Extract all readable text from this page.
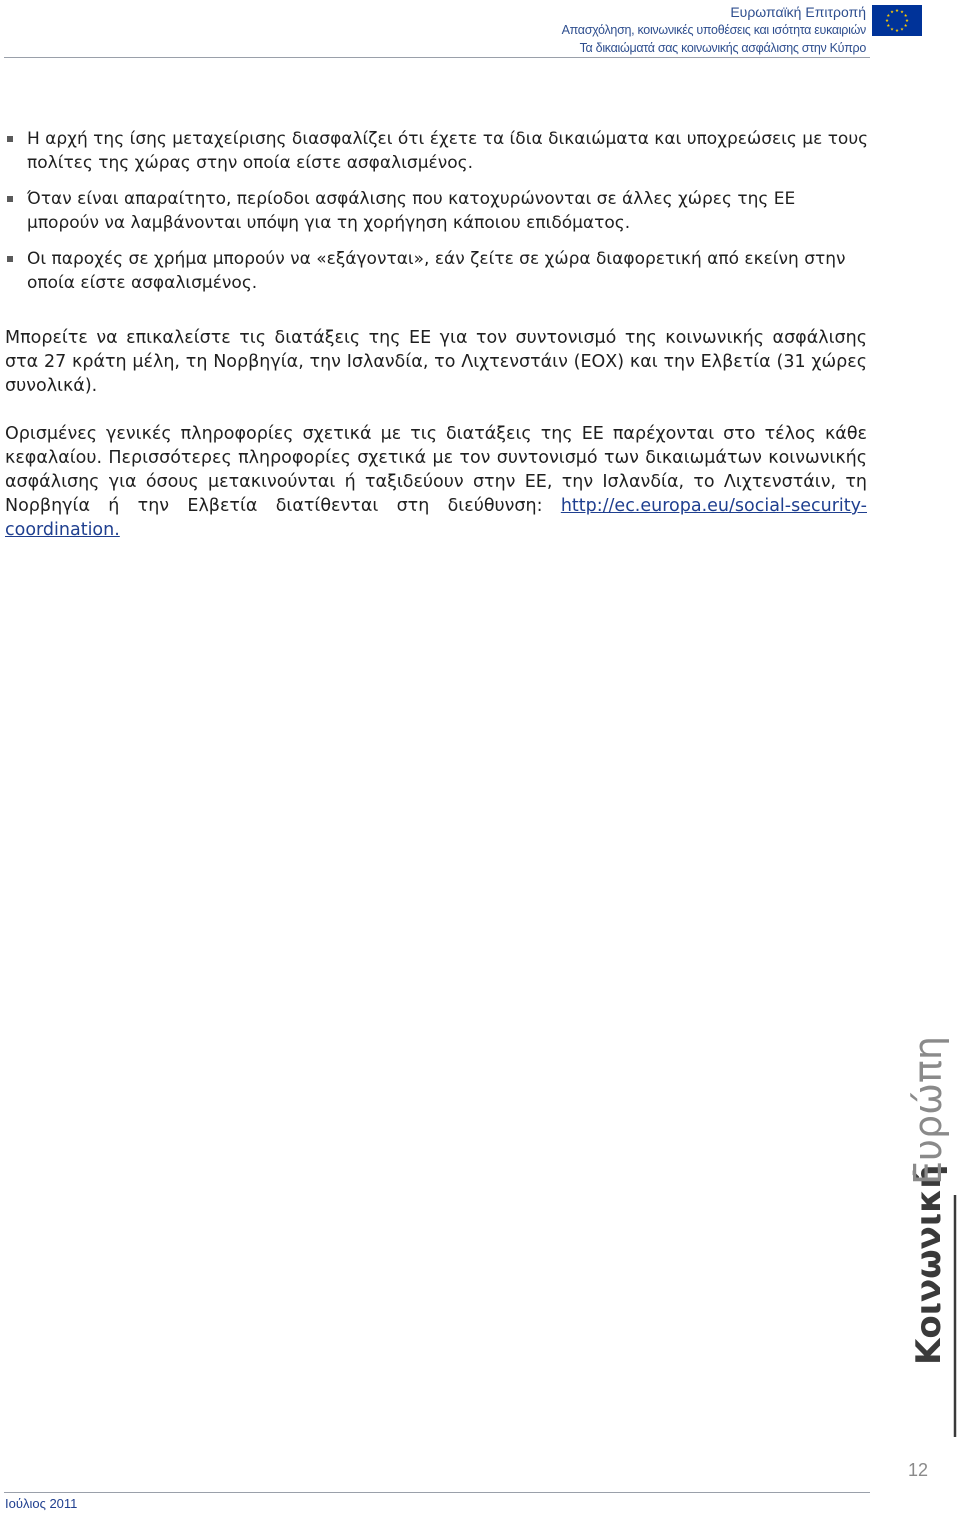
Ευρωπαϊκή Επιτροπή
Απασχόληση, κοινωνικές υποθέσεις και ισότητα ευκαιριών
Τα δικαιώματά σας κοινωνικής ασφάλισης στην Κύπρο
Η αρχή της ίσης μεταχείρισης διασφαλίζει ότι έχετε τα ίδια δικαιώματα και υποχρεώσεις με τους πολίτες της χώρας στην οποία είστε ασφαλισμένος.
Όταν είναι απαραίτητο, περίοδοι ασφάλισης που κατοχυρώνονται σε άλλες χώρες της ΕΕ μπορούν να λαμβάνονται υπόψη για τη χορήγηση κάποιου επιδόματος.
Οι παροχές σε χρήμα μπορούν να «εξάγονται», εάν ζείτε σε χώρα διαφορετική από εκείνη στην οποία είστε ασφαλισμένος.

Μπορείτε να επικαλείστε τις διατάξεις της ΕΕ για τον συντονισμό της κοινωνικής ασφάλισης στα 27 κράτη μέλη, τη Νορβηγία, την Ισλανδία, το Λιχτενστάιν (ΕΟΧ) και την Ελβετία (31 χώρες συνολικά).

Ορισμένες γενικές πληροφορίες σχετικά με τις διατάξεις της ΕΕ παρέχονται στο τέλος κάθε κεφαλαίου. Περισσότερες πληροφορίες σχετικά με τον συντονισμό των δικαιωμάτων κοινωνικής ασφάλισης για όσους μετακινούνται ή ταξιδεύουν στην ΕΕ, την Ισλανδία, το Λιχτενστάιν, τη Νορβηγία ή την Ελβετία διατίθενται στη διεύθυνση: http://ec.europa.eu/social-security-coordination.

Κοινωνική
Ευρώπη
12
Ιούλιος 2011
